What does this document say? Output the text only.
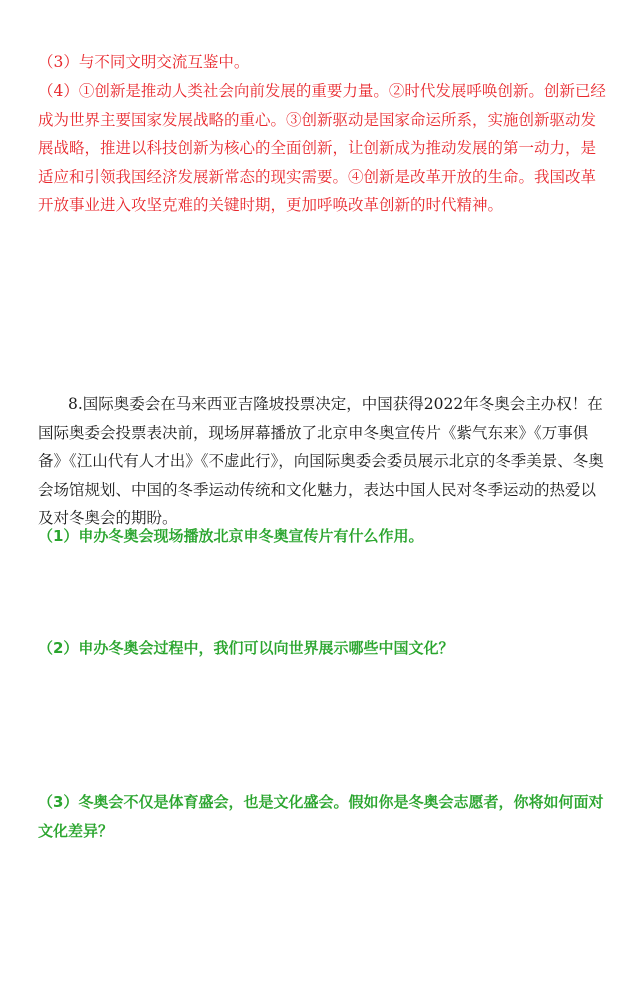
（3）与不同文明交流互鉴中。

（4）①创新是推动人类社会向前发展的重要力量。②时代发展呼唤创新。创新已经成为世界主要国家发展战略的重心。③创新驱动是国家命运所系，实施创新驱动发展战略，推进以科技创新为核心的全面创新，让创新成为推动发展的第一动力，是适应和引领我国经济发展新常态的现实需要。④创新是改革开放的生命。我国改革开放事业进入攻坚克难的关键时期，更加呼唤改革创新的时代精神。

8.国际奥委会在马来西亚吉隆坡投票决定，中国获得2022年冬奥会主办权！在国际奥委会投票表决前，现场屏幕播放了北京申冬奥宣传片《紫气东来》《万事俱备》《江山代有人才出》《不虚此行》，向国际奥委会委员展示北京的冬季美景、冬奥会场馆规划、中国的冬季运动传统和文化魅力，表达中国人民对冬季运动的热爱以及对冬奥会的期盼。

（1）申办冬奥会现场播放北京申冬奥宣传片有什么作用。

（2）申办冬奥会过程中，我们可以向世界展示哪些中国文化？

（3）冬奥会不仅是体育盛会，也是文化盛会。假如你是冬奥会志愿者，你将如何面对文化差异？
